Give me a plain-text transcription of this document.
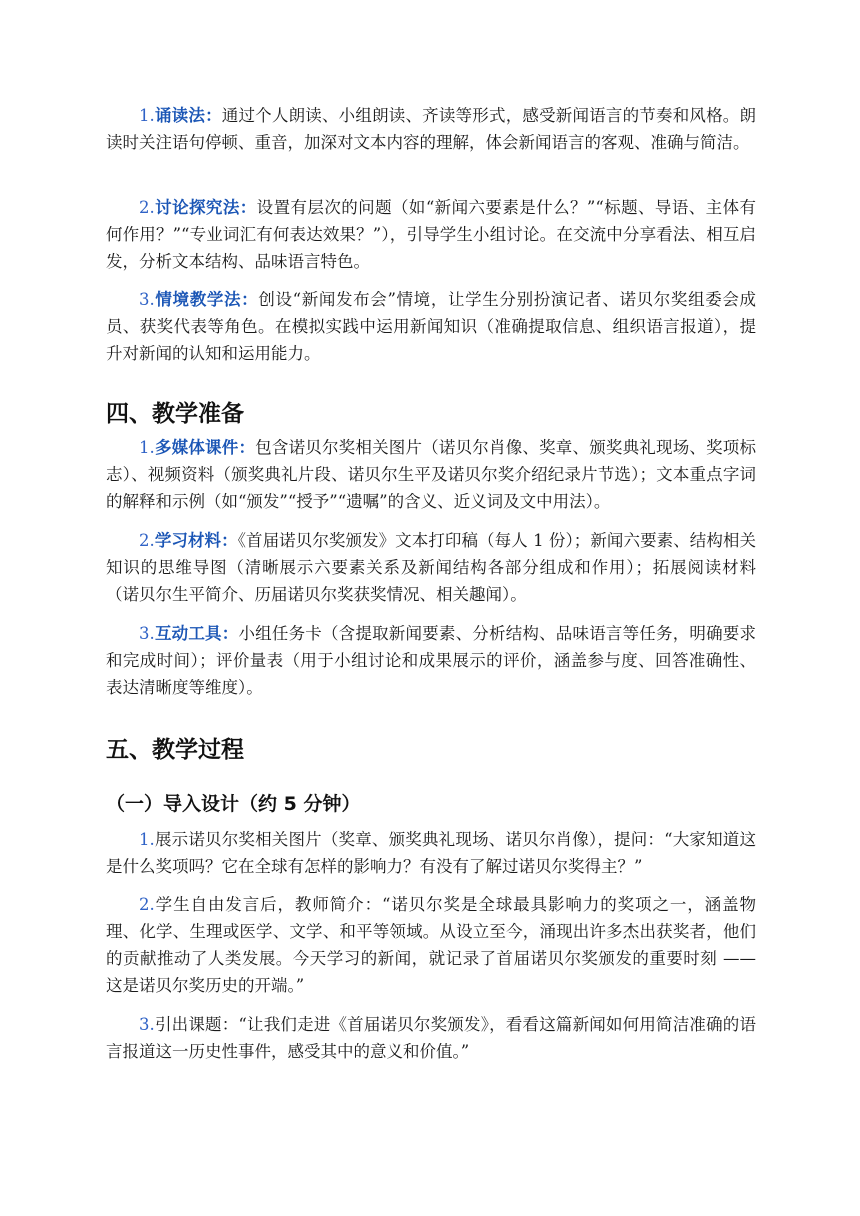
1.诵读法：通过个人朗读、小组朗读、齐读等形式，感受新闻语言的节奏和风格。朗读时关注语句停顿、重音，加深对文本内容的理解，体会新闻语言的客观、准确与简洁。

2.讨论探究法：设置有层次的问题（如“新闻六要素是什么？”“标题、导语、主体有何作用？”“专业词汇有何表达效果？”），引导学生小组讨论。在交流中分享看法、相互启发，分析文本结构、品味语言特色。

3.情境教学法：创设“新闻发布会”情境，让学生分别扮演记者、诺贝尔奖组委会成员、获奖代表等角色。在模拟实践中运用新闻知识（准确提取信息、组织语言报道），提升对新闻的认知和运用能力。

四、教学准备

1.多媒体课件：包含诺贝尔奖相关图片（诺贝尔肖像、奖章、颁奖典礼现场、奖项标志）、视频资料（颁奖典礼片段、诺贝尔生平及诺贝尔奖介绍纪录片节选）；文本重点字词的解释和示例（如“颁发”“授予”“遗嘱”的含义、近义词及文中用法）。

2.学习材料：《首届诺贝尔奖颁发》文本打印稿（每人 1 份）；新闻六要素、结构相关知识的思维导图（清晰展示六要素关系及新闻结构各部分组成和作用）；拓展阅读材料（诺贝尔生平简介、历届诺贝尔奖获奖情况、相关趣闻）。

3.互动工具：小组任务卡（含提取新闻要素、分析结构、品味语言等任务，明确要求和完成时间）；评价量表（用于小组讨论和成果展示的评价，涵盖参与度、回答准确性、表达清晰度等维度）。

五、教学过程
（一）导入设计（约 5 分钟）

1.展示诺贝尔奖相关图片（奖章、颁奖典礼现场、诺贝尔肖像），提问：“大家知道这是什么奖项吗？它在全球有怎样的影响力？有没有了解过诺贝尔奖得主？”

2.学生自由发言后，教师简介：“诺贝尔奖是全球最具影响力的奖项之一，涵盖物理、化学、生理或医学、文学、和平等领域。从设立至今，涌现出许多杰出获奖者，他们的贡献推动了人类发展。今天学习的新闻，就记录了首届诺贝尔奖颁发的重要时刻 —— 这是诺贝尔奖历史的开端。”

3.引出课题：“让我们走进《首届诺贝尔奖颁发》，看看这篇新闻如何用简洁准确的语言报道这一历史性事件，感受其中的意义和价值。”
